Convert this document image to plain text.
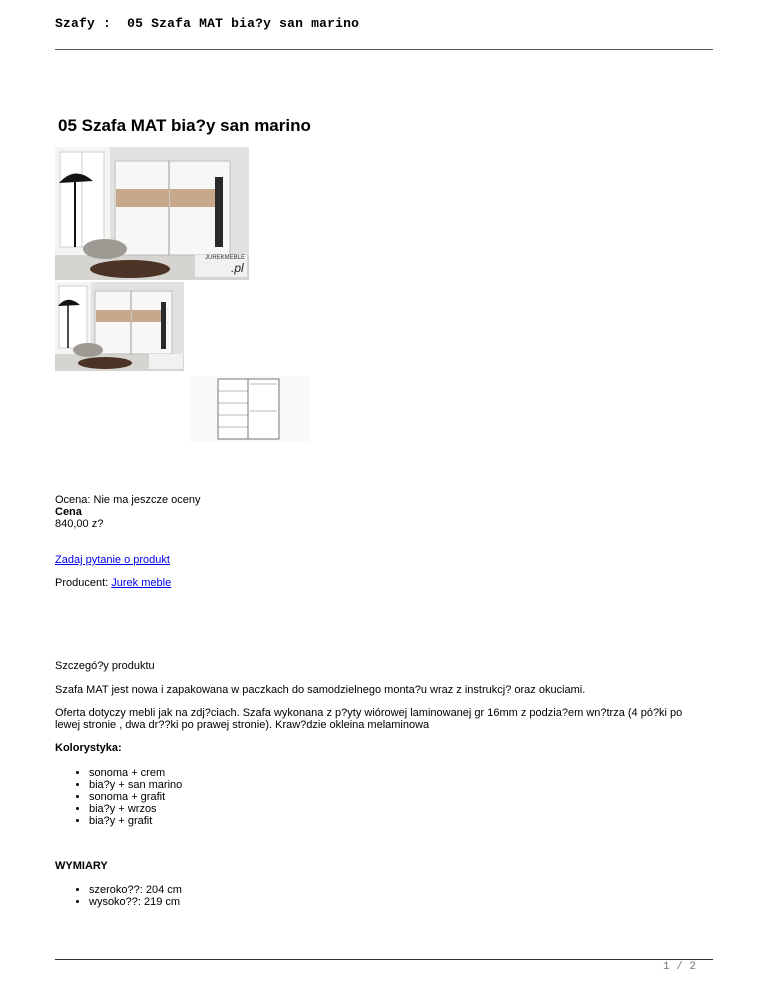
Szafy : 05 Szafa MAT bia?y san marino
05 Szafa MAT bia?y san marino
JUREKMEBLE
.pl
Ocena: Nie ma jeszcze oceny
Cena
840,00 z?
Zadaj pytanie o produkt
Producent: Jurek meble
Szczegó?y produktu
Szafa MAT jest nowa i zapakowana w paczkach do samodzielnego monta?u wraz z instrukcj? oraz okuciami.
Oferta dotyczy mebli jak na zdj?ciach. Szafa wykonana z p?yty wiórowej laminowanej gr 16mm z podzia?em wn?trza (4 pó?ki po lewej stronie , dwa dr??ki po prawej stronie). Kraw?dzie okleina melaminowa
Kolorystyka:
• sonoma + crem
• bia?y + san marino
• sonoma + grafit
• bia?y + wrzos
• bia?y + grafit
WYMIARY
• szeroko??: 204 cm
• wysoko??: 219 cm
1 / 2
